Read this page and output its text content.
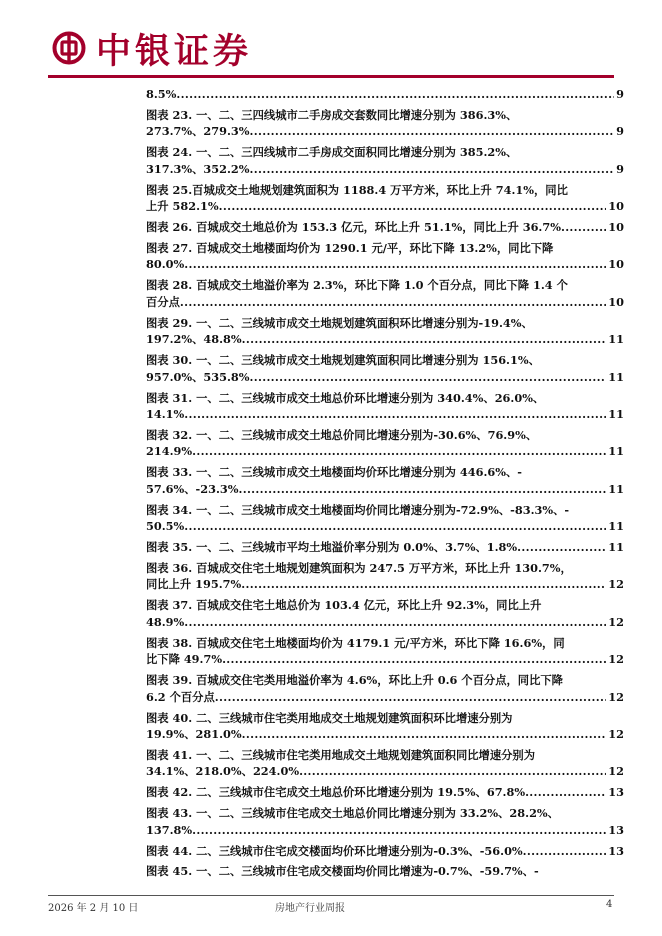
中银证券
8.5% .....	9
图表 23. 一、二、三四线城市二手房成交套数同比增速分别为 386.3%、
273.7%、279.3% .....	9
图表 24. 一、二、三四线城市二手房成交面积同比增速分别为 385.2%、
317.3%、352.2% .....	9
图表 25.百城成交土地规划建筑面积为 1188.4 万平方米，环比上升 74.1%，同比
上升 582.1% .....	10
图表 26. 百城成交土地总价为 153.3 亿元，环比上升 51.1%，同比上升 36.7% .....	10
图表 27. 百城成交土地楼面均价为 1290.1 元/平，环比下降 13.2%，同比下降
80.0% .....	10
图表 28. 百城成交土地溢价率为 2.3%，环比下降 1.0 个百分点，同比下降 1.4 个
百分点 .....	10
图表 29. 一、二、三线城市成交土地规划建筑面积环比增速分别为-19.4%、
197.2%、48.8% .....	11
图表 30. 一、二、三线城市成交土地规划建筑面积同比增速分别为 156.1%、
957.0%、535.8% .....	11
图表 31. 一、二、三线城市成交土地总价环比增速分别为 340.4%、26.0%、
14.1% .....	11
图表 32. 一、二、三线城市成交土地总价同比增速分别为-30.6%、76.9%、
214.9% .....	11
图表 33. 一、二、三线城市成交土地楼面均价环比增速分别为 446.6%、-
57.6%、-23.3% .....	11
图表 34. 一、二、三线城市成交土地楼面均价同比增速分别为-72.9%、-83.3%、-
50.5% .....	11
图表 35. 一、二、三线城市平均土地溢价率分别为 0.0%、3.7%、1.8% .....	11
图表 36. 百城成交住宅土地规划建筑面积为 247.5 万平方米，环比上升 130.7%，
同比上升 195.7% .....	12
图表 37. 百城成交住宅土地总价为 103.4 亿元，环比上升 92.3%，同比上升
48.9% .....	12
图表 38. 百城成交住宅土地楼面均价为 4179.1 元/平方米，环比下降 16.6%，同
比下降 49.7% .....	12
图表 39. 百城成交住宅类用地溢价率为 4.6%，环比上升 0.6 个百分点，同比下降
6.2 个百分点 .....	12
图表 40. 二、三线城市住宅类用地成交土地规划建筑面积环比增速分别为
19.9%、281.0% .....	12
图表 41. 一、二、三线城市住宅类用地成交土地规划建筑面积同比增速分别为
34.1%、218.0%、224.0% .....	12
图表 42. 二、三线城市住宅成交土地总价环比增速分别为 19.5%、67.8% .....	13
图表 43. 一、二、三线城市住宅成交土地总价同比增速分别为 33.2%、28.2%、
137.8% .....	13
图表 44. 二、三线城市住宅成交楼面均价环比增速分别为-0.3%、-56.0% .....	13
图表 45. 一、二、三线城市住宅成交楼面均价同比增速为-0.7%、-59.7%、-
2026 年 2 月 10 日	房地产行业周报	4
